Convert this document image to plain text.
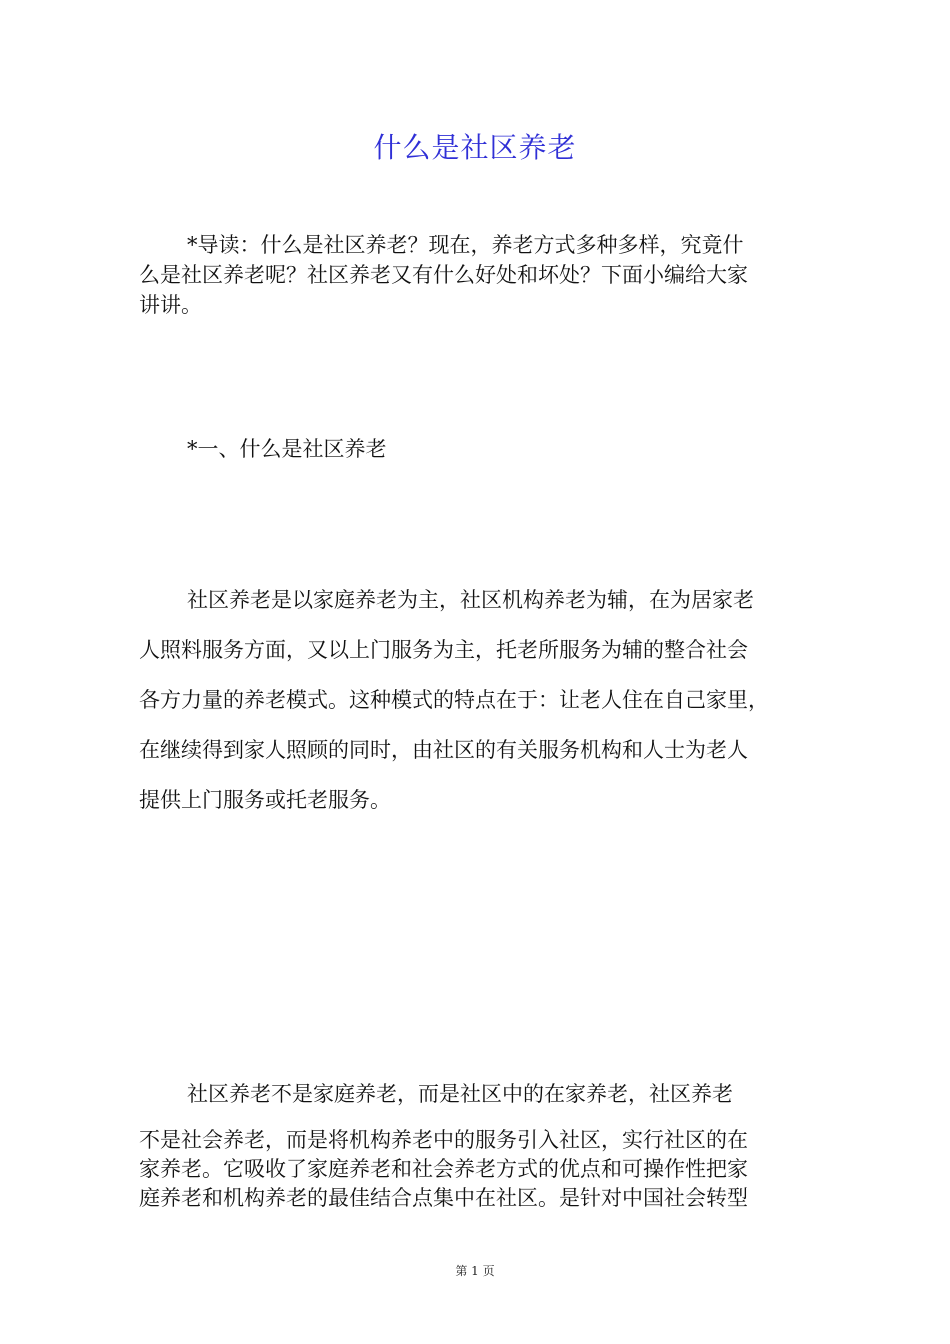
什么是社区养老
*导读：什么是社区养老？现在，养老方式多种多样，究竟什
么是社区养老呢？社区养老又有什么好处和坏处？下面小编给大家
讲讲。
*一、什么是社区养老
社区养老是以家庭养老为主，社区机构养老为辅，在为居家老
人照料服务方面，又以上门服务为主，托老所服务为辅的整合社会
各方力量的养老模式。这种模式的特点在于：让老人住在自己家里，
在继续得到家人照顾的同时，由社区的有关服务机构和人士为老人
提供上门服务或托老服务。
社区养老不是家庭养老，而是社区中的在家养老，社区养老
不是社会养老，而是将机构养老中的服务引入社区，实行社区的在
家养老。它吸收了家庭养老和社会养老方式的优点和可操作性把家
庭养老和机构养老的最佳结合点集中在社区。是针对中国社会转型
第 1 页
